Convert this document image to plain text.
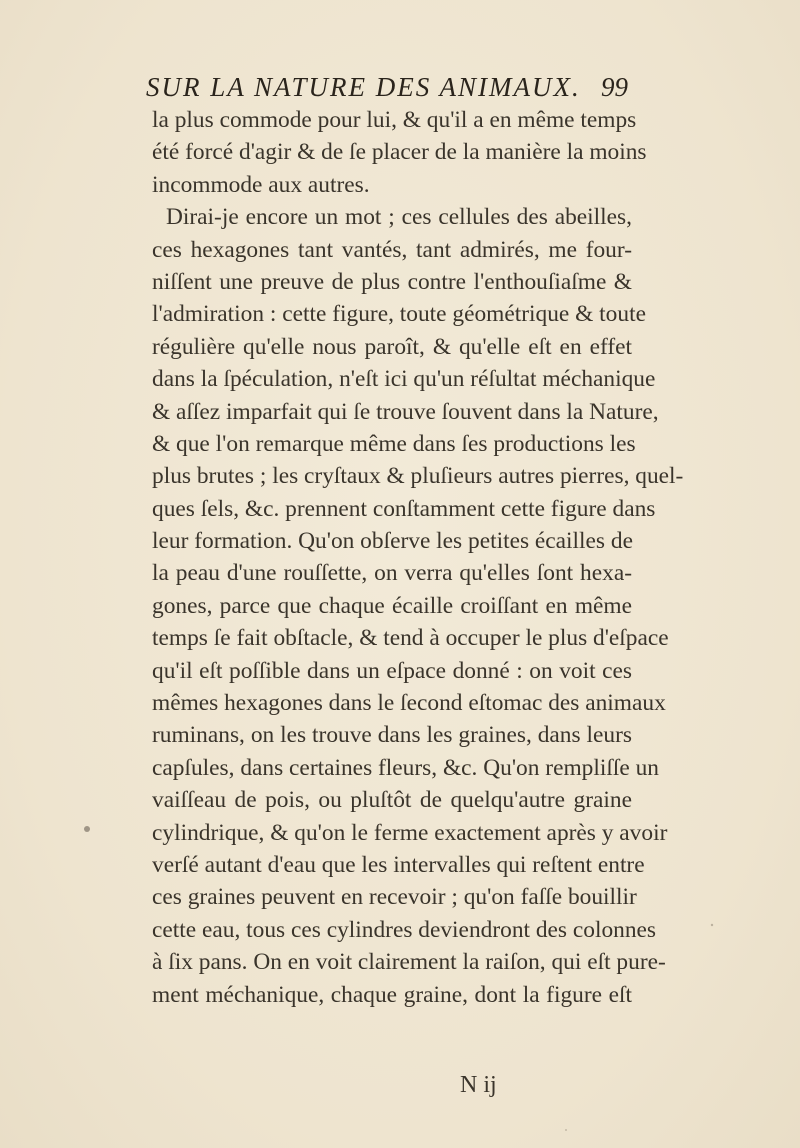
SUR LA NATURE DES ANIMAUX. 99
la plus commode pour lui, & qu'il a en même temps
été forcé d'agir & de ſe placer de la manière la moins
incommode aux autres.
Dirai-je encore un mot ; ces cellules des abeilles,
ces hexagones tant vantés, tant admirés, me four-
niſſent une preuve de plus contre l'enthouſiaſme &
l'admiration : cette figure, toute géométrique & toute
régulière qu'elle nous paroît, & qu'elle eſt en effet
dans la ſpéculation, n'eſt ici qu'un réſultat méchanique
& aſſez imparfait qui ſe trouve ſouvent dans la Nature,
& que l'on remarque même dans ſes productions les
plus brutes ; les cryſtaux & pluſieurs autres pierres, quel-
ques ſels, &c. prennent conſtamment cette figure dans
leur formation. Qu'on obſerve les petites écailles de
la peau d'une rouſſette, on verra qu'elles ſont hexa-
gones, parce que chaque écaille croiſſant en même
temps ſe fait obſtacle, & tend à occuper le plus d'eſpace
qu'il eſt poſſible dans un eſpace donné : on voit ces
mêmes hexagones dans le ſecond eſtomac des animaux
ruminans, on les trouve dans les graines, dans leurs
capſules, dans certaines fleurs, &c. Qu'on rempliſſe un
vaiſſeau de pois, ou pluſtôt de quelqu'autre graine
cylindrique, & qu'on le ferme exactement après y avoir
verſé autant d'eau que les intervalles qui reſtent entre
ces graines peuvent en recevoir ; qu'on faſſe bouillir
cette eau, tous ces cylindres deviendront des colonnes
à ſix pans. On en voit clairement la raiſon, qui eſt pure-
ment méchanique, chaque graine, dont la figure eſt
N ij
